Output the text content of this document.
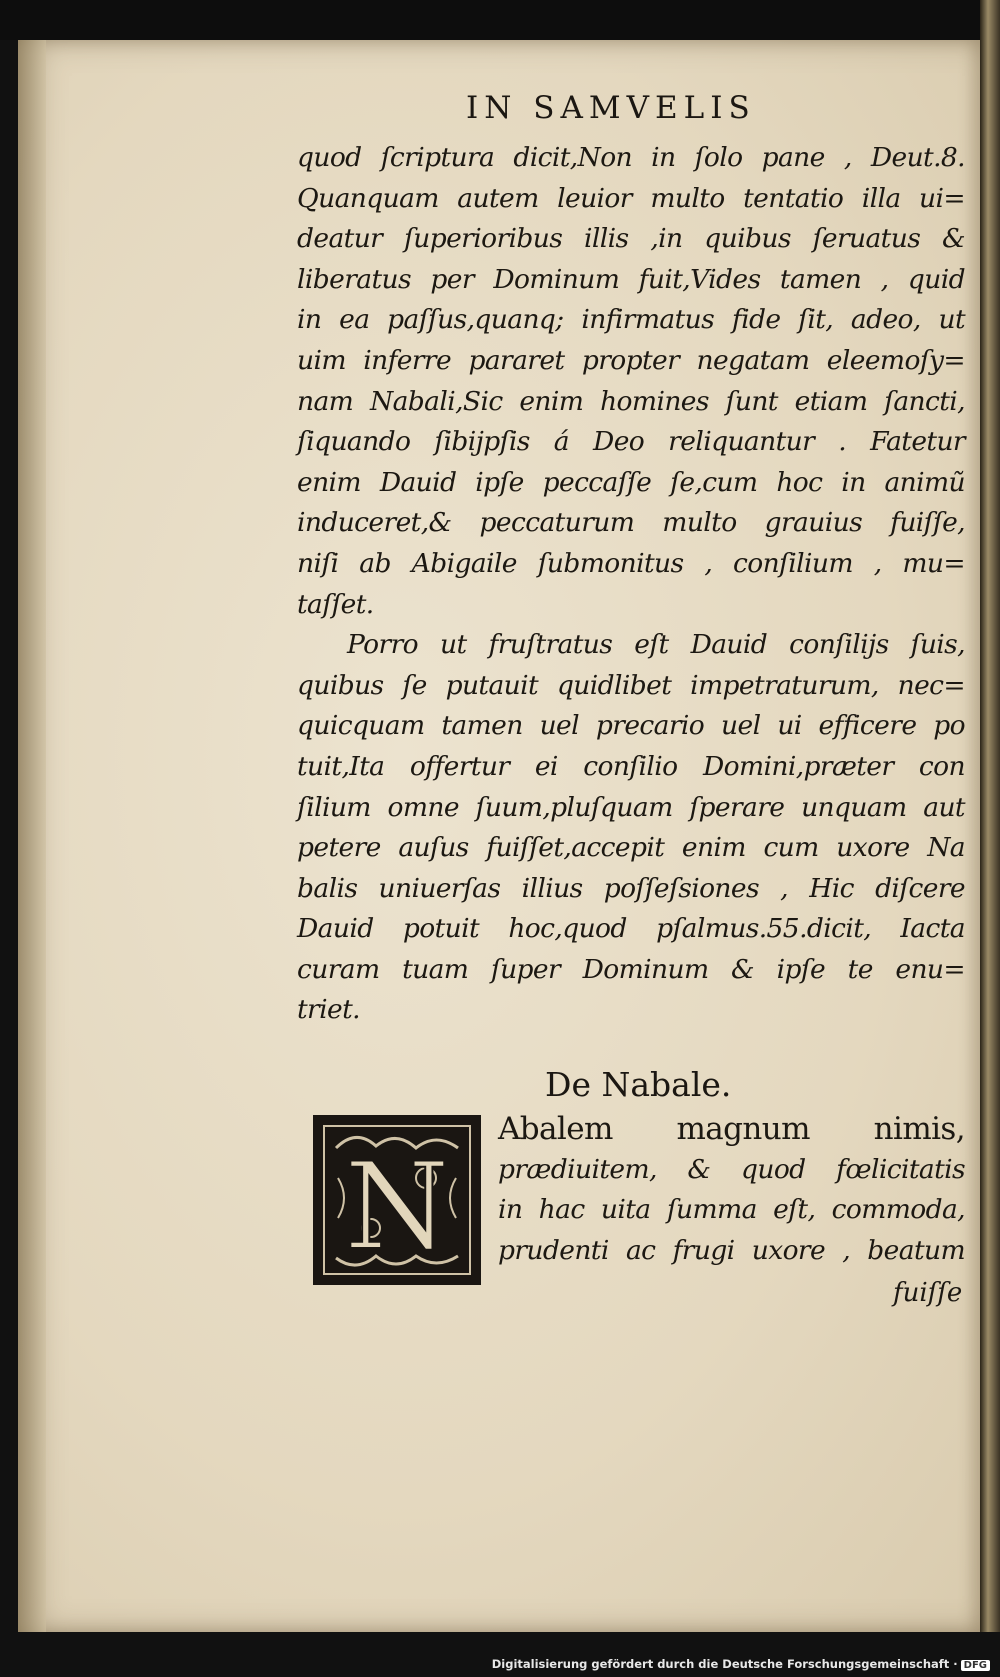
IN SAMVELIS
quod ſcriptura dicit,Non in ſolo pane , Deut.8.
Quanquam autem leuior multo tentatio illa ui=
deatur ſuperioribus illis ,in quibus ſeruatus &
liberatus per Dominum fuit,Vides tamen , quid
in ea paſſus,quanq; infirmatus fide ſit, adeo, ut
uim inferre pararet propter negatam eleemoſy=
nam Nabali,Sic enim homines ſunt etiam ſancti,
ſiquando ſibijpſis á Deo reliquantur . Fatetur
enim Dauid ipſe peccaſſe ſe,cum hoc in animũ
induceret,& peccaturum multo grauius fuiſſe,
niſi ab Abigaile ſubmonitus , conſilium , mu=
taſſet.
Porro ut fruſtratus eſt Dauid conſilijs ſuis,
quibus ſe putauit quidlibet impetraturum, nec=
quicquam tamen uel precario uel ui efficere po
tuit,Ita offertur ei conſilio Domini,præter con
ſilium omne ſuum,pluſquam ſperare unquam aut
petere auſus fuiſſet,accepit enim cum uxore Na
balis uniuerſas illius poſſeſsiones , Hic diſcere
Dauid potuit hoc,quod pſalmus.55.dicit, Iacta
curam tuam ſuper Dominum & ipſe te enu=
triet.
De Nabale.
N
Abalem magnum nimis,
prædiuitem, & quod fœlicitatis
in hac uita ſumma eſt, commoda,
prudenti ac frugi uxore , beatum
fuiſſe
Digitalisierung gefördert durch die Deutsche Forschungsgemeinschaft · DFG
